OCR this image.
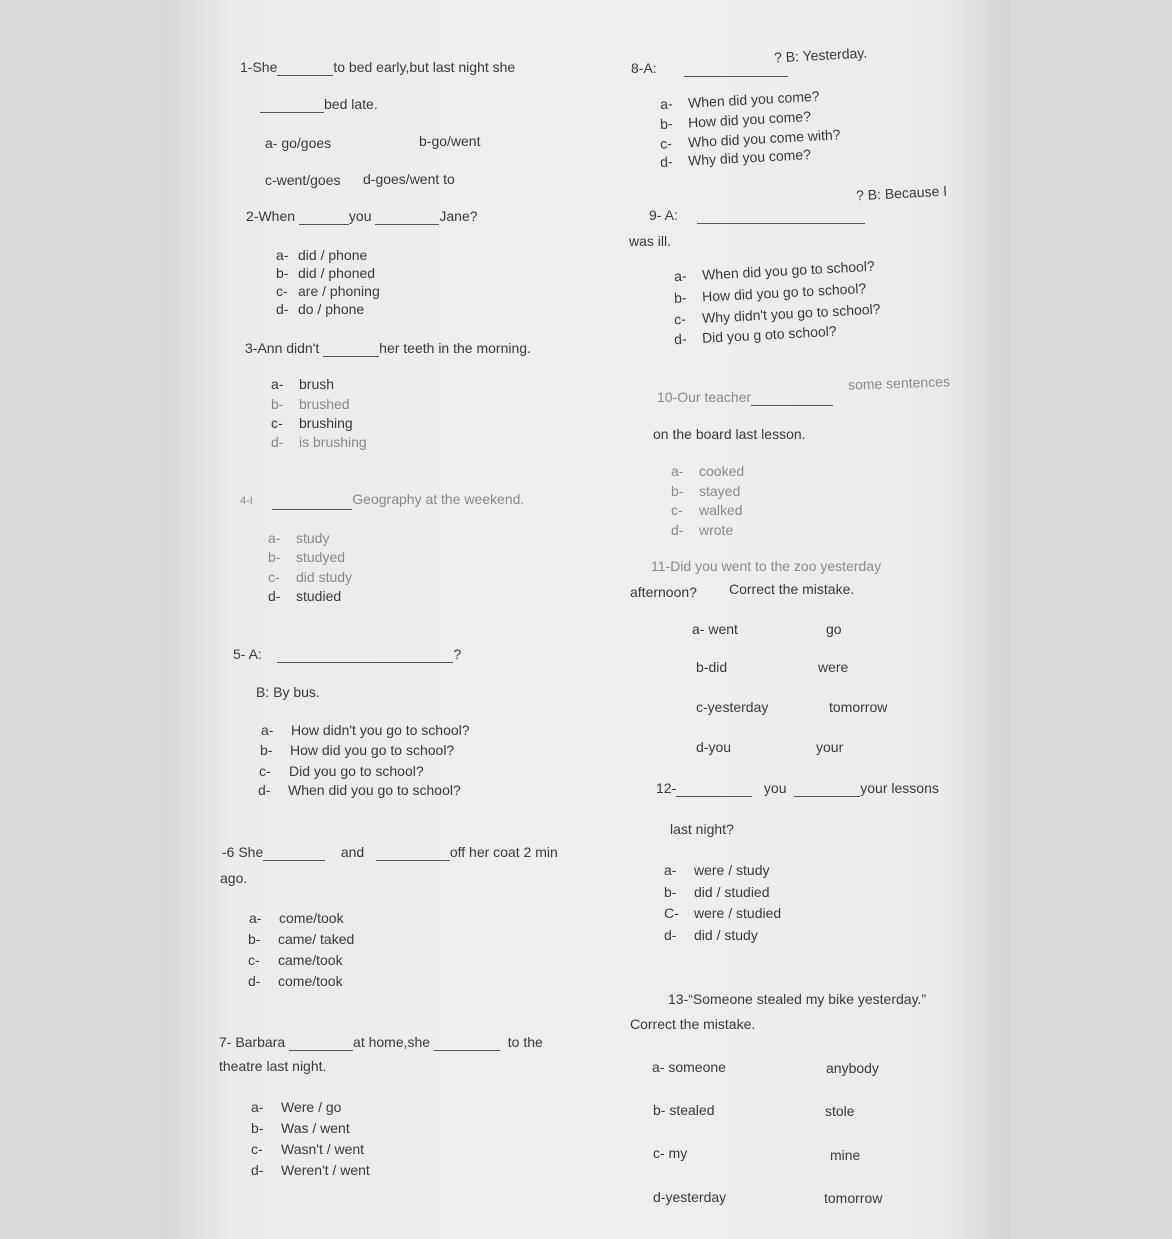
1-She	to bed early,but last night she
bed late.
a- go/goes	b-go/went
c-went/goes d-goes/went to
2-When	you	Jane?
a- did / phone
b- did / phoned
c- are / phoning
d- do / phone
3-Ann didn't	her teeth in the morning.
a- brush
b- brushed
c- brushing
d- is brushing
4-I	Geography at the weekend.
a- study
b- studyed
c- did study
d- studied
5- A:	?
B: By bus.
a- How didn't you go to school?
b- How did you go to school?
c- Did you go to school?
d- When did you go to school?
-6 She	and	off her coat 2 min
ago.
a- come/took
b- came/ taked
c- came/took
d- come/took
7- Barbara	at home,she	to the
theatre last night.
a- Were / go
b- Was / went
c- Wasn't / went
d- Weren't / went
8-A:
? B: Yesterday.
a- When did you come?
b- How did you come?
c- Who did you come with?
d- Why did you come?
9- A:
? B: Because I
was ill.
a- When did you go to school?
b- How did you go to school?
c- Why didn't you go to school?
d- Did you g oto school?
10-Our teacher
some sentences
on the board last lesson.
a- cooked
b- stayed
c- walked
d- wrote
11-Did you went to the zoo yesterday
afternoon? Correct the mistake.
a- went	go
b-did	were
c-yesterday	tomorrow
d-you	your
12-	you	your lessons
last night?
a- were / study
b- did / studied
C- were / studied
d- did / study
13-“Someone stealed my bike yesterday.”
Correct the mistake.
a- someone	anybody
b- stealed	stole
c- my	mine
d-yesterday	tomorrow
